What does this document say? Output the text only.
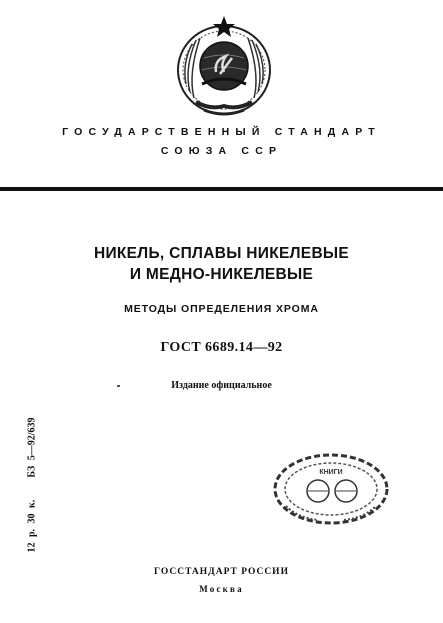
ГОСУДАРСТВЕННЫЙ СТАНДАРТ
СОЮЗА ССР
НИКЕЛЬ, СПЛАВЫ НИКЕЛЕВЫЕ
И МЕДНО-НИКЕЛЕВЫЕ
МЕТОДЫ ОПРЕДЕЛЕНИЯ ХРОМА
ГОСТ 6689.14—92
Издание официальное
12 р. 30 к.БЗ 5—92/639	КНИГИ
ГОССТАНДАРТ РОССИИ
Москва
